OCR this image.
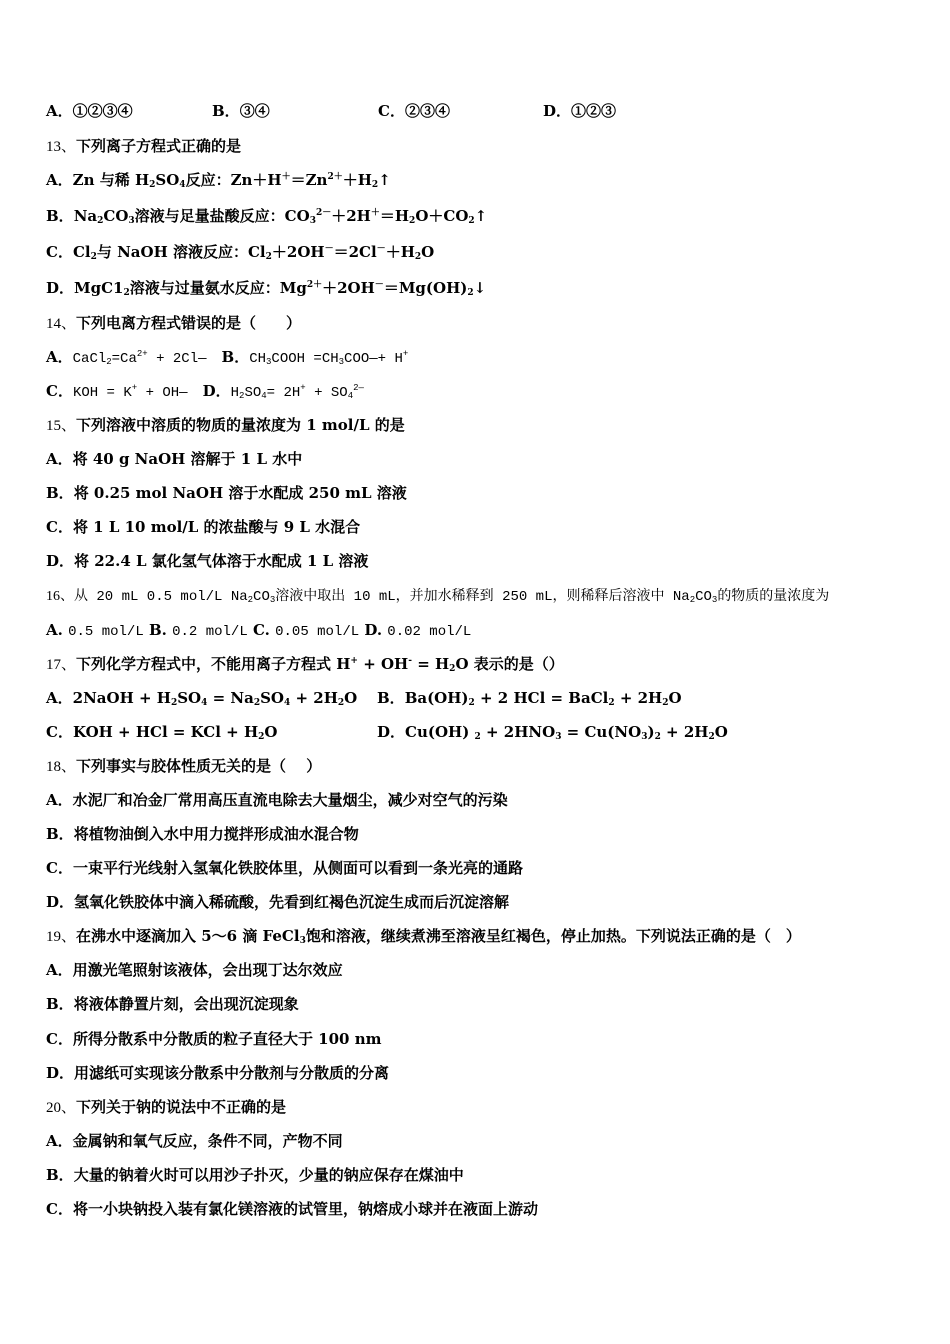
A．①②③④	B．③④	C．②③④	D．①②③
13、下列离子方程式正确的是
A．Zn 与稀 $H_2SO_4$反应：$Zn+H^+=Zn^{2+}+H_2↑$
B．$Na_2CO_3$溶液与足量盐酸反应：$CO_3^{2-}+2H^+=H_2O+CO_2↑$
C．$Cl_2$与 NaOH 溶液反应：$Cl_2+2OH^-=2Cl^-+H_2O$
D．$MgC1_2$溶液与过量氨水反应：$Mg^{2+}+2OH^-=Mg(OH)_2↓$
14、下列电离方程式错误的是（　　）
A．$CaCl_2=Ca^{2+}$ + 2Cl—　 B．$CH_3COOH$ $=CH_3COO—+ H^+$
C．KOH = K+ + OH—　 D．$H_2SO_4= 2H^+ + SO_4^{2—}$
15、下列溶液中溶质的物质的量浓度为 1 mol/L 的是
A．将 40 g NaOH 溶解于 1 L 水中
B．将 0.25 mol NaOH 溶于水配成 250 mL 溶液
C．将 1 L 10 mol/L 的浓盐酸与 9 L 水混合
D．将 22.4 L 氯化氢气体溶于水配成 1 L 溶液
16、从 20 mL 0.5 mol/L $Na_2CO_3$溶液中取出 10 mL，并加水稀释到 250 mL，则稀释后溶液中 $Na_2CO_3$的物质的量浓度为
A. 0.5 mol/L B. 0.2 mol/L C. 0.05 mol/L D. 0.02 mol/L
17、下列化学方程式中，不能用离子方程式 $H^+ + OH^- = H_2O$ 表示的是（）
A．2NaOH + $H_2SO_4 = Na_2SO_4 + 2H_2O$ B．$Ba(OH)_2 + 2$ HCl = BaCl$_2$ + $2H_2O$
C．KOH + HCl = KCl + $H_2O$	D．Cu(OH) $_2 + 2HNO_3 = Cu(NO_3)_2 + 2H_2O$
18、下列事实与胶体性质无关的是（　 ）
A．水泥厂和冶金厂常用高压直流电除去大量烟尘，减少对空气的污染
B．将植物油倒入水中用力搅拌形成油水混合物
C．一束平行光线射入氢氧化铁胶体里，从侧面可以看到一条光亮的通路
D．氢氧化铁胶体中滴入稀硫酸，先看到红褐色沉淀生成而后沉淀溶解
19、在沸水中逐滴加入 5～6 滴 FeCl$_3$饱和溶液，继续煮沸至溶液呈红褐色，停止加热。下列说法正确的是（　）
A．用激光笔照射该液体，会出现丁达尔效应
B．将液体静置片刻，会出现沉淀现象
C．所得分散系中分散质的粒子直径大于 100 nm
D．用滤纸可实现该分散系中分散剂与分散质的分离
20、下列关于钠的说法中不正确的是
A．金属钠和氧气反应，条件不同，产物不同
B．大量的钠着火时可以用沙子扑灭，少量的钠应保存在煤油中
C．将一小块钠投入装有氯化镁溶液的试管里，钠熔成小球并在液面上游动
